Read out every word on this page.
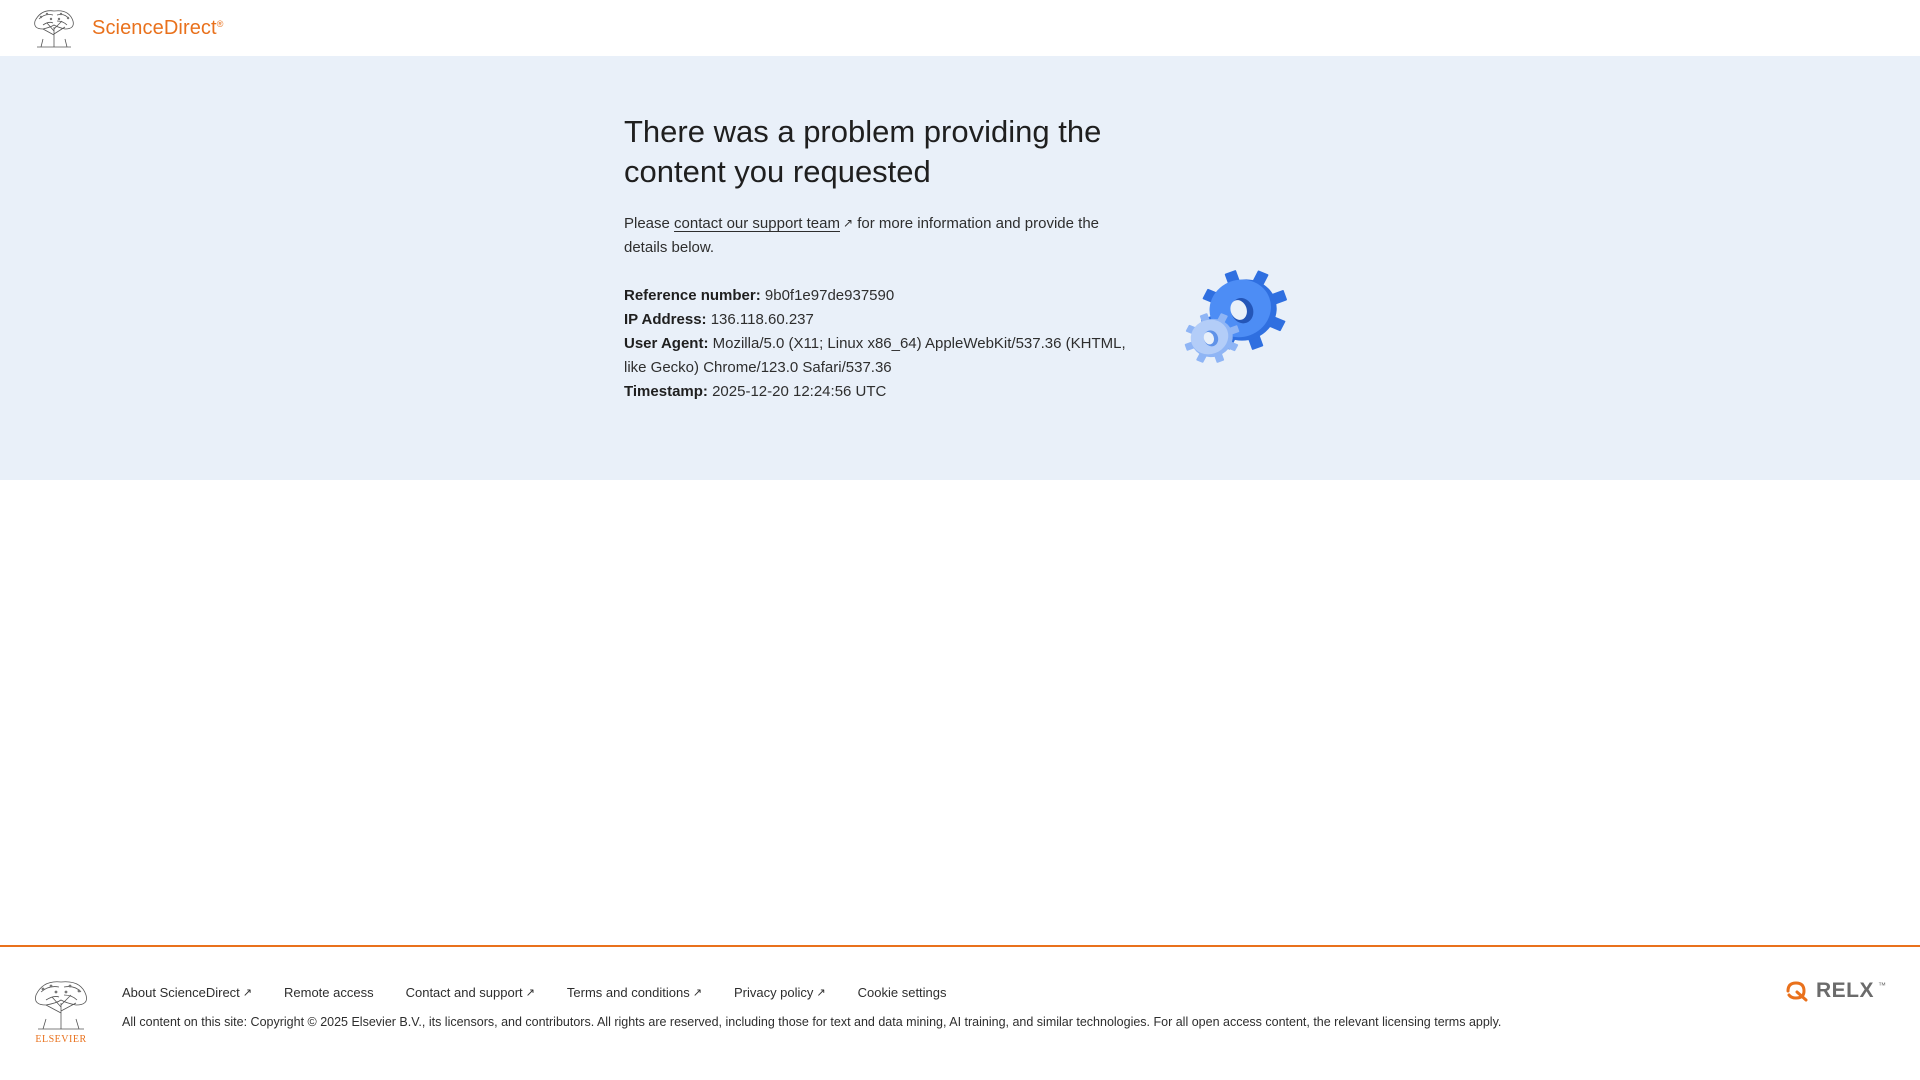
ScienceDirect®
There was a problem providing the content you requested
Please contact our support team ↗ for more information and provide the details below.

Reference number: 9b0f1e97de937590

IP Address: 136.118.60.237

User Agent: Mozilla/5.0 (X11; Linux x86_64) AppleWebKit/537.36 (KHTML, like Gecko) Chrome/123.0 Safari/537.36

Timestamp: 2025-12-20 12:24:56 UTC

ELSEVIER
About ScienceDirect ↗ Remote access Contact and support ↗ Terms and conditions ↗ Privacy policy ↗ Cookie settings
All content on this site: Copyright © 2025 Elsevier B.V., its licensors, and contributors. All rights are reserved, including those for text and data mining, AI training, and similar technologies. For all open access content, the relevant licensing terms apply.
RELX ™
